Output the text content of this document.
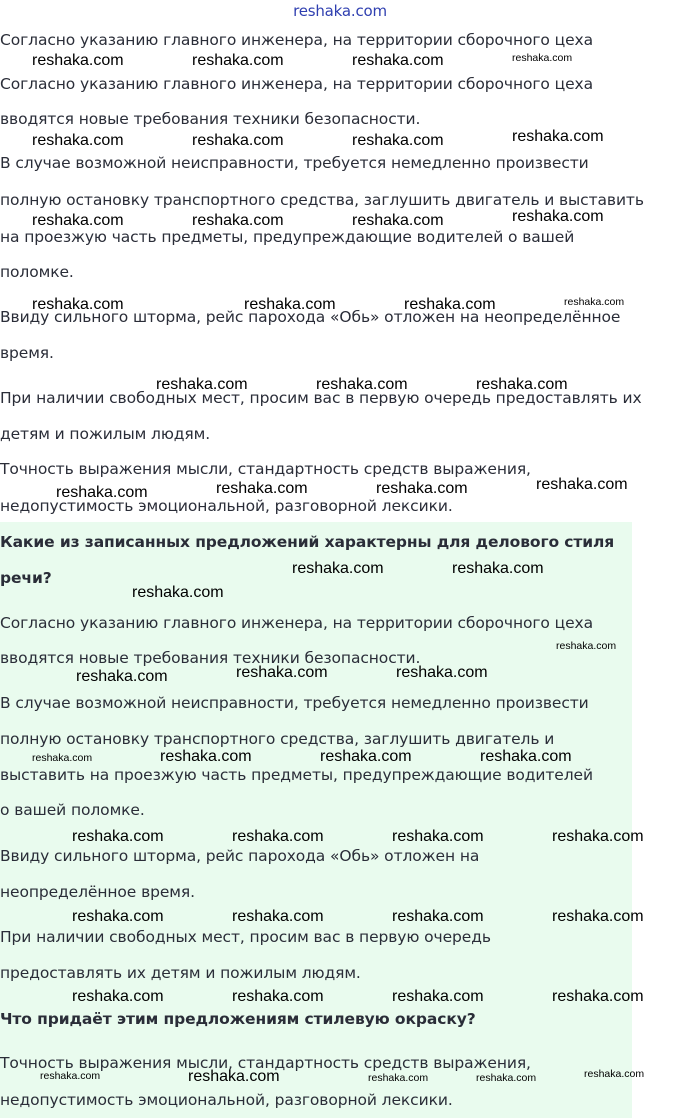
reshaka.com
Согласно указанию главного инженера, на территории сборочного цеха
Согласно указанию главного инженера, на территории сборочного цеха
вводятся новые требования техники безопасности.
В случае возможной неисправности, требуется немедленно произвести
полную остановку транспортного средства, заглушить двигатель и выставить
на проезжую часть предметы, предупреждающие водителей о вашей
поломке.
Ввиду сильного шторма, рейс парохода «Обь» отложен на неопределённое
время.
При наличии свободных мест, просим вас в первую очередь предоставлять их
детям и пожилым людям.
Точность выражения мысли, стандартность средств выражения,
недопустимость эмоциональной, разговорной лексики.
Какие из записанных предложений характерны для делового стиля
речи?
Согласно указанию главного инженера, на территории сборочного цеха
вводятся новые требования техники безопасности.
В случае возможной неисправности, требуется немедленно произвести
полную остановку транспортного средства, заглушить двигатель и
выставить на проезжую часть предметы, предупреждающие водителей
о вашей поломке.
Ввиду сильного шторма, рейс парохода «Обь» отложен на
неопределённое время.
При наличии свободных мест, просим вас в первую очередь
предоставлять их детям и пожилым людям.
Что придаёт этим предложениям стилевую окраску?
Точность выражения мысли, стандартность средств выражения,
недопустимость эмоциональной, разговорной лексики.
reshaka.com	reshaka.com	reshaka.com	reshaka.com
reshaka.com	reshaka.com	reshaka.com	reshaka.com
reshaka.com	reshaka.com	reshaka.com	reshaka.com
reshaka.com	reshaka.com	reshaka.com	reshaka.com
reshaka.com	reshaka.com	reshaka.com
reshaka.com	reshaka.com	reshaka.com	reshaka.com
reshaka.com	reshaka.com
reshaka.com
reshaka.com
reshaka.com	reshaka.com	reshaka.com
reshaka.com	reshaka.com	reshaka.com	reshaka.com
reshaka.com	reshaka.com	reshaka.com	reshaka.com
reshaka.com	reshaka.com	reshaka.com	reshaka.com
reshaka.com	reshaka.com	reshaka.com	reshaka.com
reshaka.com	reshaka.com	reshaka.com	reshaka.com	reshaka.com
